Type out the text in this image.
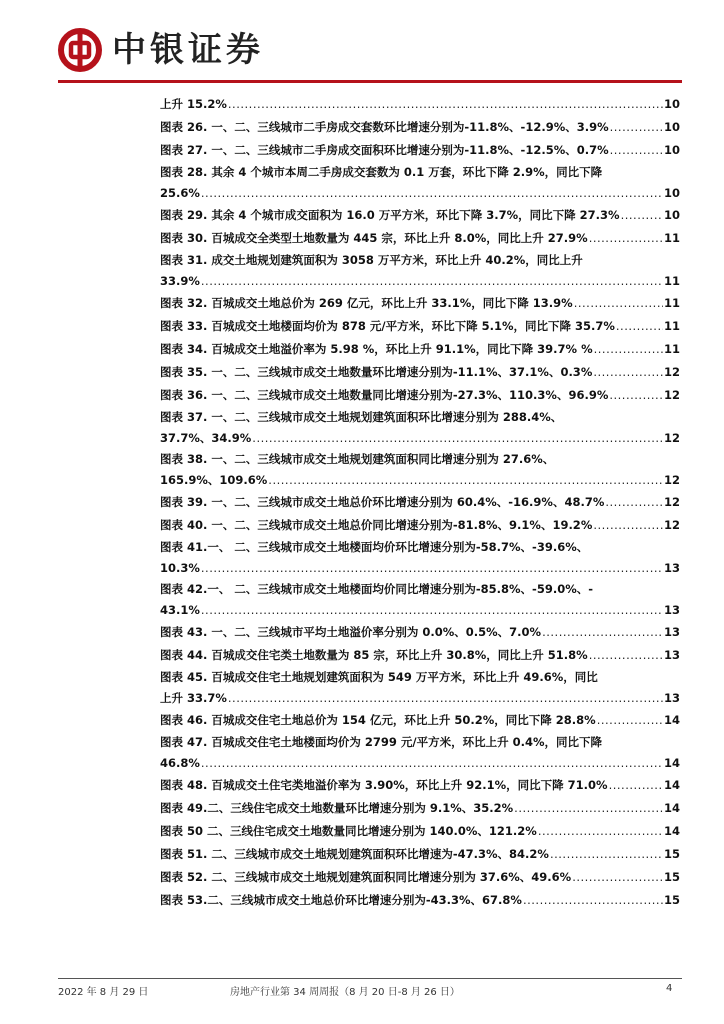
中银证券
上升 15.2% .....	10
图表 26. 一、二、三线城市二手房成交套数环比增速分别为-11.8%、-12.9%、3.9% .....	10
图表 27. 一、二、三线城市二手房成交面积环比增速分别为-11.8%、-12.5%、0.7% .....	10
图表 28. 其余 4 个城市本周二手房成交套数为 0.1 万套，环比下降 2.9%，同比下降
25.6% .....	10
图表 29. 其余 4 个城市成交面积为 16.0 万平方米，环比下降 3.7%，同比下降 27.3% .....	10
图表 30. 百城成交全类型土地数量为 445 宗，环比上升 8.0%，同比上升 27.9% .....	11
图表 31. 成交土地规划建筑面积为 3058 万平方米，环比上升 40.2%，同比上升
33.9% .....	11
图表 32. 百城成交土地总价为 269 亿元，环比上升 33.1%，同比下降 13.9% .....	11
图表 33. 百城成交土地楼面均价为 878 元/平方米，环比下降 5.1%，同比下降 35.7% .....	11
图表 34. 百城成交土地溢价率为 5.98 %，环比上升 91.1%，同比下降 39.7% % .....	11
图表 35. 一、二、三线城市成交土地数量环比增速分别为-11.1%、37.1%、0.3% .....	12
图表 36. 一、二、三线城市成交土地数量同比增速分别为-27.3%、110.3%、96.9% .....	12
图表 37. 一、二、三线城市成交土地规划建筑面积环比增速分别为 288.4%、
37.7%、34.9% .....	12
图表 38. 一、二、三线城市成交土地规划建筑面积同比增速分别为 27.6%、
165.9%、109.6% .....	12
图表 39. 一、二、三线城市成交土地总价环比增速分别为 60.4%、-16.9%、48.7% .....	12
图表 40. 一、二、三线城市成交土地总价同比增速分别为-81.8%、9.1%、19.2% .....	12
图表 41.一、 二、三线城市成交土地楼面均价环比增速分别为-58.7%、-39.6%、
10.3% .....	13
图表 42.一、 二、三线城市成交土地楼面均价同比增速分别为-85.8%、-59.0%、-
43.1% .....	13
图表 43. 一、二、三线城市平均土地溢价率分别为 0.0%、0.5%、7.0% .....	13
图表 44. 百城成交住宅类土地数量为 85 宗，环比上升 30.8%，同比上升 51.8% .....	13
图表 45. 百城成交住宅土地规划建筑面积为 549 万平方米，环比上升 49.6%，同比
上升 33.7% .....	13
图表 46. 百城成交住宅土地总价为 154 亿元，环比上升 50.2%，同比下降 28.8% .....	14
图表 47. 百城成交住宅土地楼面均价为 2799 元/平方米，环比上升 0.4%，同比下降
46.8% .....	14
图表 48. 百城成交土住宅类地溢价率为 3.90%，环比上升 92.1%，同比下降 71.0% .....	14
图表 49.二、三线住宅成交土地数量环比增速分别为 9.1%、35.2% .....	14
图表 50 二、三线住宅成交土地数量同比增速分别为 140.0%、121.2% .....	14
图表 51. 二、三线城市成交土地规划建筑面积环比增速为-47.3%、84.2% .....	15
图表 52. 二、三线城市成交土地规划建筑面积同比增速分别为 37.6%、49.6% .....	15
图表 53.二、三线城市成交土地总价环比增速分别为-43.3%、67.8% .....	15
2022 年 8 月 29 日	房地产行业第 34 周周报（8 月 20 日-8 月 26 日）	4
